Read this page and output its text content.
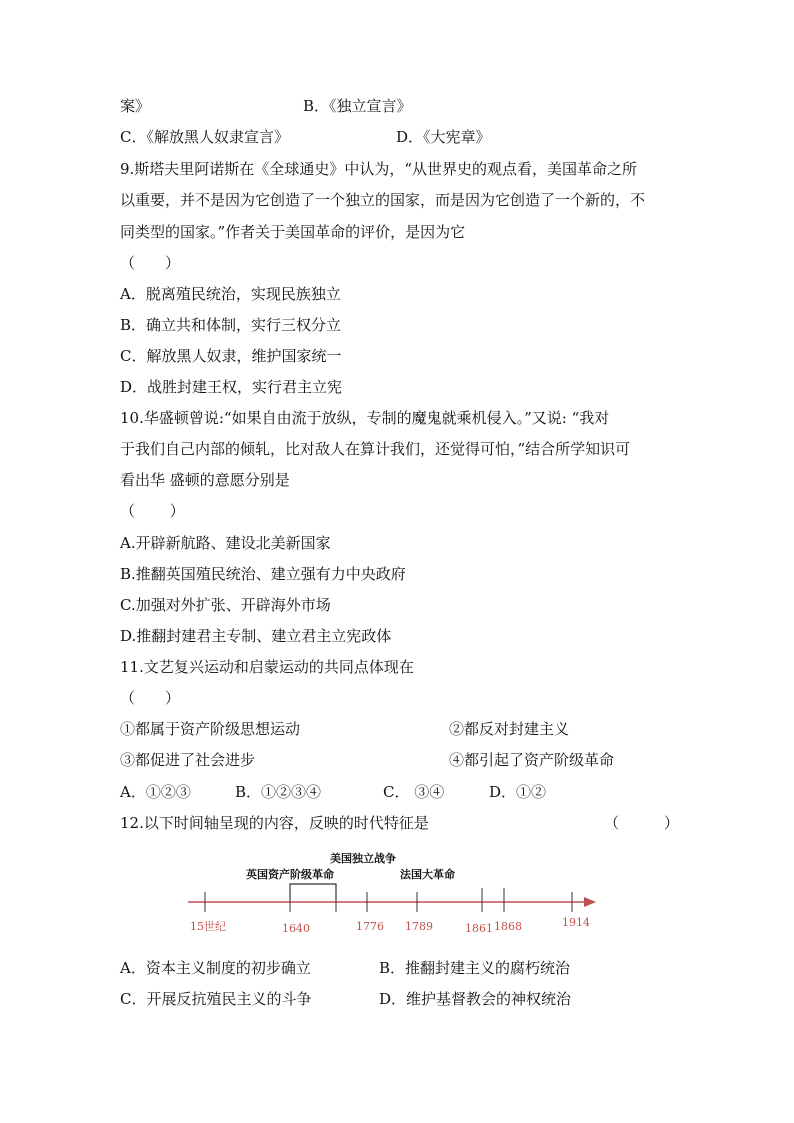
案》	B．《独立宣言》
C．《解放黑人奴隶宣言》	D．《大宪章》
9.斯塔夫里阿诺斯在《全球通史》中认为，“从世界史的观点看，美国革命之所
以重要，并不是因为它创造了一个独立的国家，而是因为它创造了一个新的，不
同类型的国家。”作者关于美国革命的评价，是因为它
（　　）
A．脱离殖民统治，实现民族独立
B．确立共和体制，实行三权分立
C．解放黑人奴隶，维护国家统一
D．战胜封建王权，实行君主立宪
10.华盛顿曾说:“如果自由流于放纵，专制的魔鬼就乘机侵入。”又说: “我对
于我们自己内部的倾轧，比对敌人在算计我们，还觉得可怕，”结合所学知识可
看出华 盛顿的意愿分别是
（　　 ）
A.开辟新航路、建设北美新国家
B.推翻英国殖民统治、建立强有力中央政府
C.加强对外扩张、开辟海外市场
D.推翻封建君主专制、建立君主立宪政体
11.文艺复兴运动和启蒙运动的共同点体现在
（　　）
①都属于资产阶级思想运动	②都反对封建主义
③都促进了社会进步	④都引起了资产阶级革命
A．①②③	B．①②③④	C． ③④	D．①②
12.以下时间轴呈现的内容，反映的时代特征是	（　　　）
英国资产阶级革命
美国独立战争
法国大革命
15世纪	1640	1776 1789	1861 1868	1914
A．资本主义制度的初步确立	B．推翻封建主义的腐朽统治
C．开展反抗殖民主义的斗争	D．维护基督教会的神权统治
